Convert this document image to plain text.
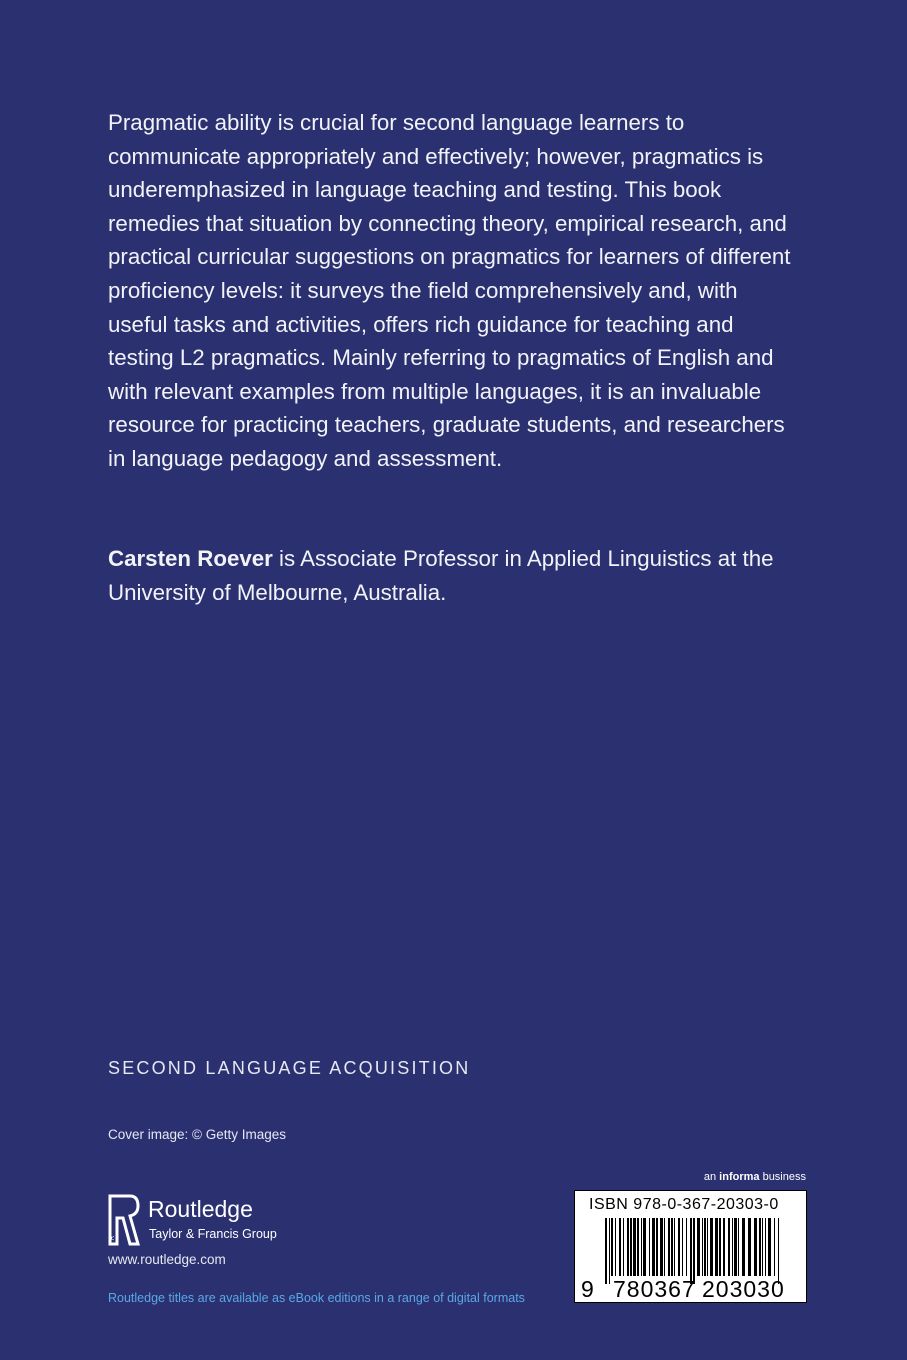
Pragmatic ability is crucial for second language learners to communicate appropriately and effectively; however, pragmatics is underemphasized in language teaching and testing. This book remedies that situation by connecting theory, empirical research, and practical curricular suggestions on pragmatics for learners of different proficiency levels: it surveys the field comprehensively and, with useful tasks and activities, offers rich guidance for teaching and testing L2 pragmatics. Mainly referring to pragmatics of English and with relevant examples from multiple languages, it is an invaluable resource for practicing teachers, graduate students, and researchers in language pedagogy and assessment.

Carsten Roever is Associate Professor in Applied Linguistics at the University of Melbourne, Australia.

SECOND LANGUAGE ACQUISITION
Cover image: © Getty Images
R
Routledge
Taylor & Francis Group
www.routledge.com
Routledge titles are available as eBook editions in a range of digital formats
an informa business
ISBN 978-0-367-20303-0
9 780367 203030
